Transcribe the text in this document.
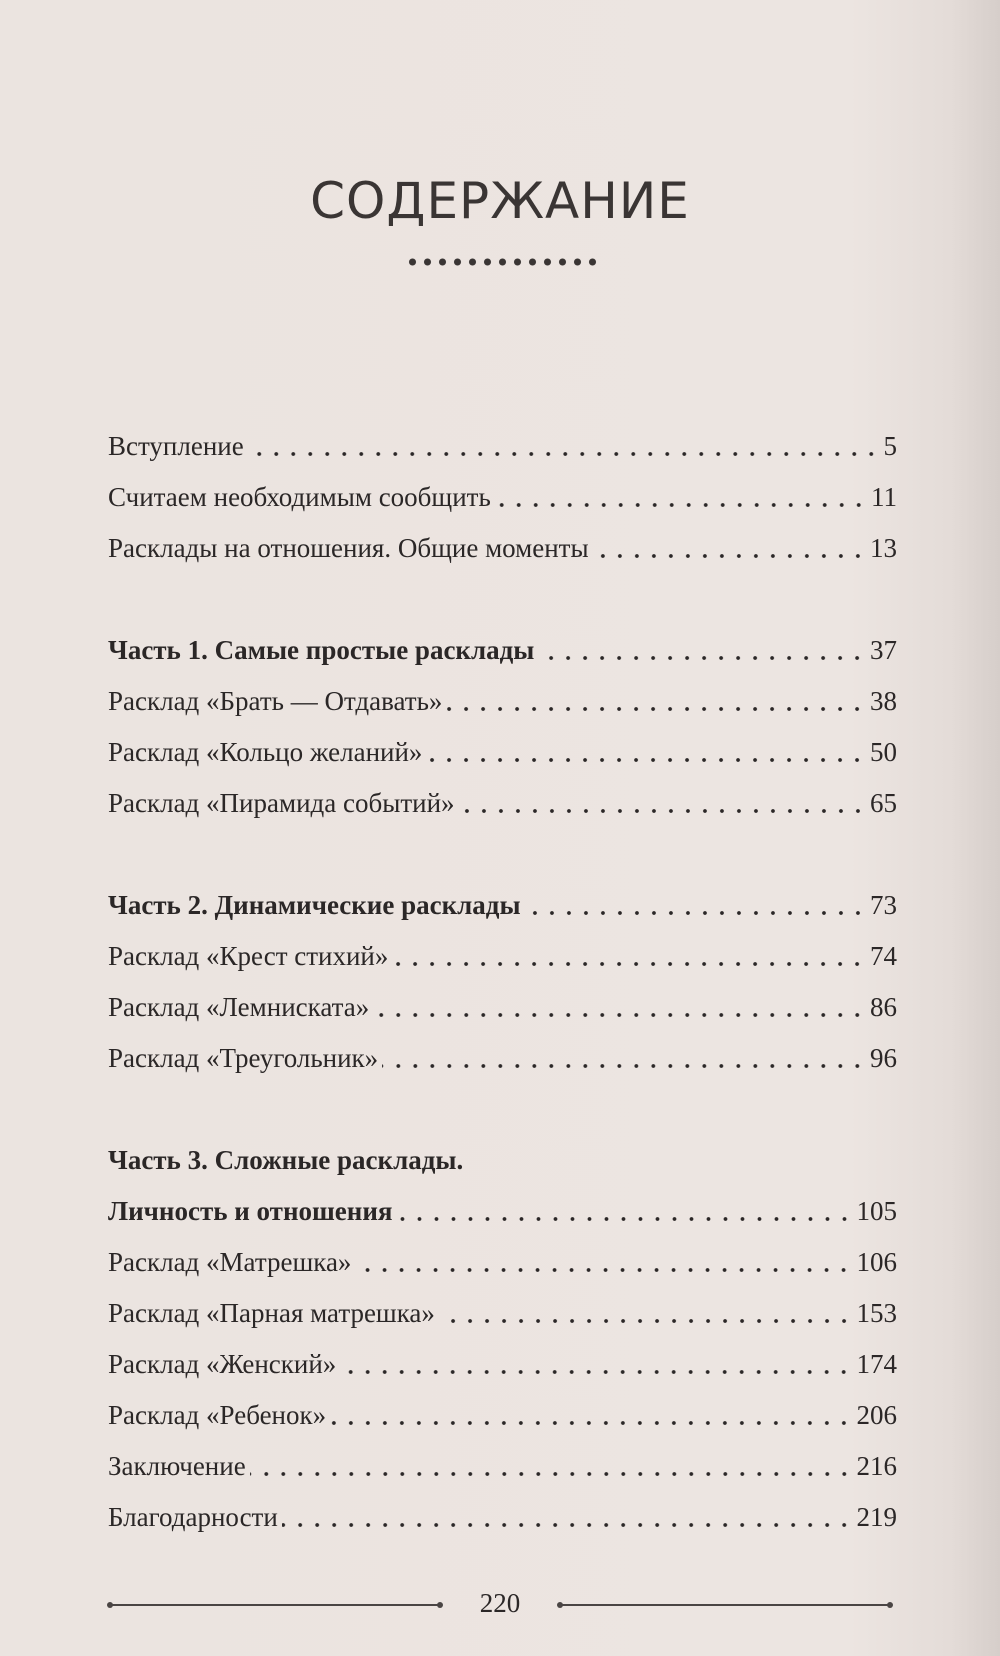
СОДЕРЖАНИЕ
Вступление	5
Считаем необходимым сообщить	11
Расклады на отношения. Общие моменты	13
Часть 1. Самые простые расклады	37
Расклад «Брать — Отдавать»	38
Расклад «Кольцо желаний»	50
Расклад «Пирамида событий»	65
Часть 2. Динамические расклады	73
Расклад «Крест стихий»	74
Расклад «Лемниската»	86
Расклад «Треугольник»	96
Часть 3. Сложные расклады.
Личность и отношения	105
Расклад «Матрешка»	106
Расклад «Парная матрешка»	153
Расклад «Женский»	174
Расклад «Ребенок»	206
Заключение	216
Благодарности	219
220
